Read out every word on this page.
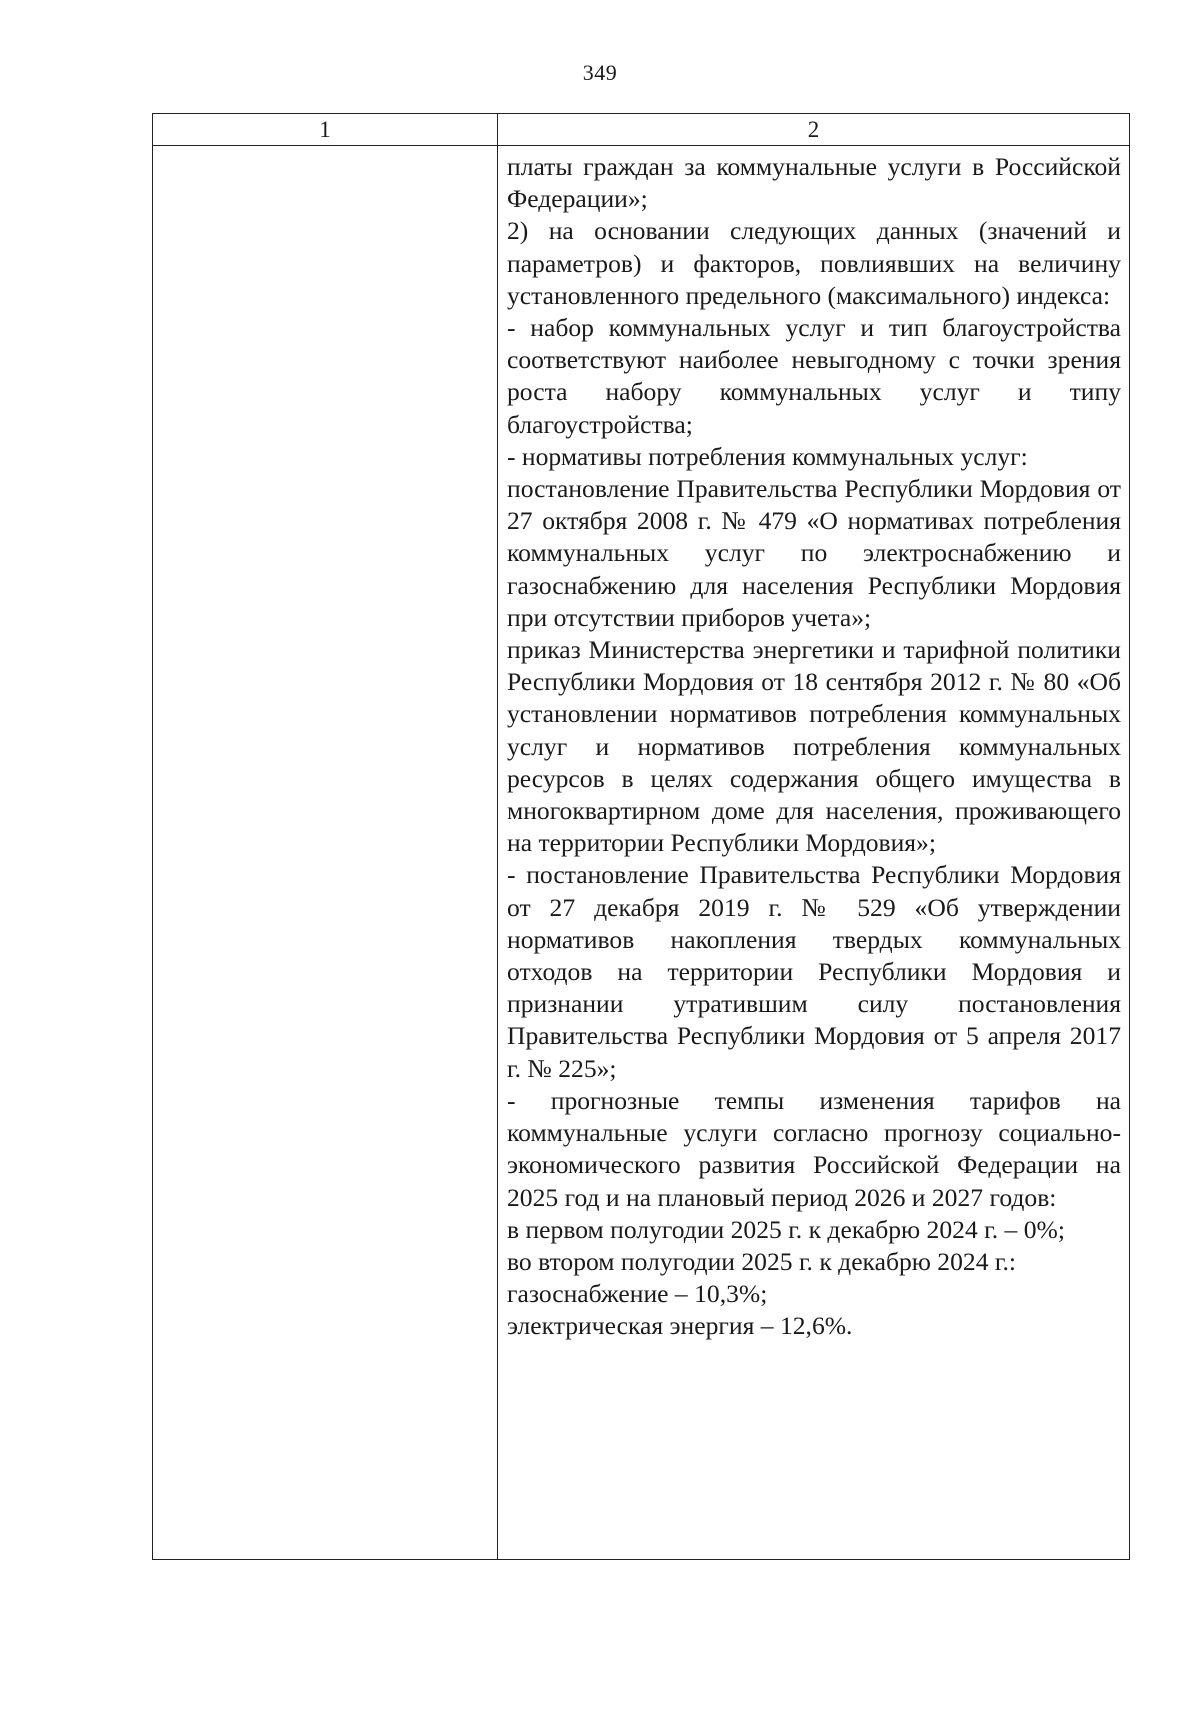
349
1	2

платы граждан за коммунальные услуги в Российской Федерации»;

2) на основании следующих данных (значений и параметров) и факторов, повлиявших на величину установленного предельного (максимального) индекса:

- набор коммунальных услуг и тип благоустройства соответствуют наиболее невыгодному с точки зрения роста набору коммунальных услуг и типу благоустройства;

- нормативы потребления коммунальных услуг:

постановление Правительства Республики Мордовия от 27 октября 2008 г. № 479 «О нормативах потребления коммунальных услуг по электроснабжению и газоснабжению для населения Республики Мордовия при отсутствии приборов учета»;

приказ Министерства энергетики и тарифной политики Республики Мордовия от 18 сентября 2012 г. № 80 «Об установлении нормативов потребления коммунальных услуг и нормативов потребления коммунальных ресурсов в целях содержания общего имущества в многоквартирном доме для населения, проживающего на территории Республики Мордовия»;

- постановление Правительства Республики Мордовия от 27 декабря 2019 г. № 529 «Об утверждении нормативов накопления твердых коммунальных отходов на территории Республики Мордовия и признании утратившим силу постановления Правительства Республики Мордовия от 5 апреля 2017 г. № 225»;

- прогнозные темпы изменения тарифов на коммунальные услуги согласно прогнозу социально-экономического развития Российской Федерации на 2025 год и на плановый период 2026 и 2027 годов:

в первом полугодии 2025 г. к декабрю 2024 г. – 0%;

во втором полугодии 2025 г. к декабрю 2024 г.:

газоснабжение – 10,3%;

электрическая энергия – 12,6%.
